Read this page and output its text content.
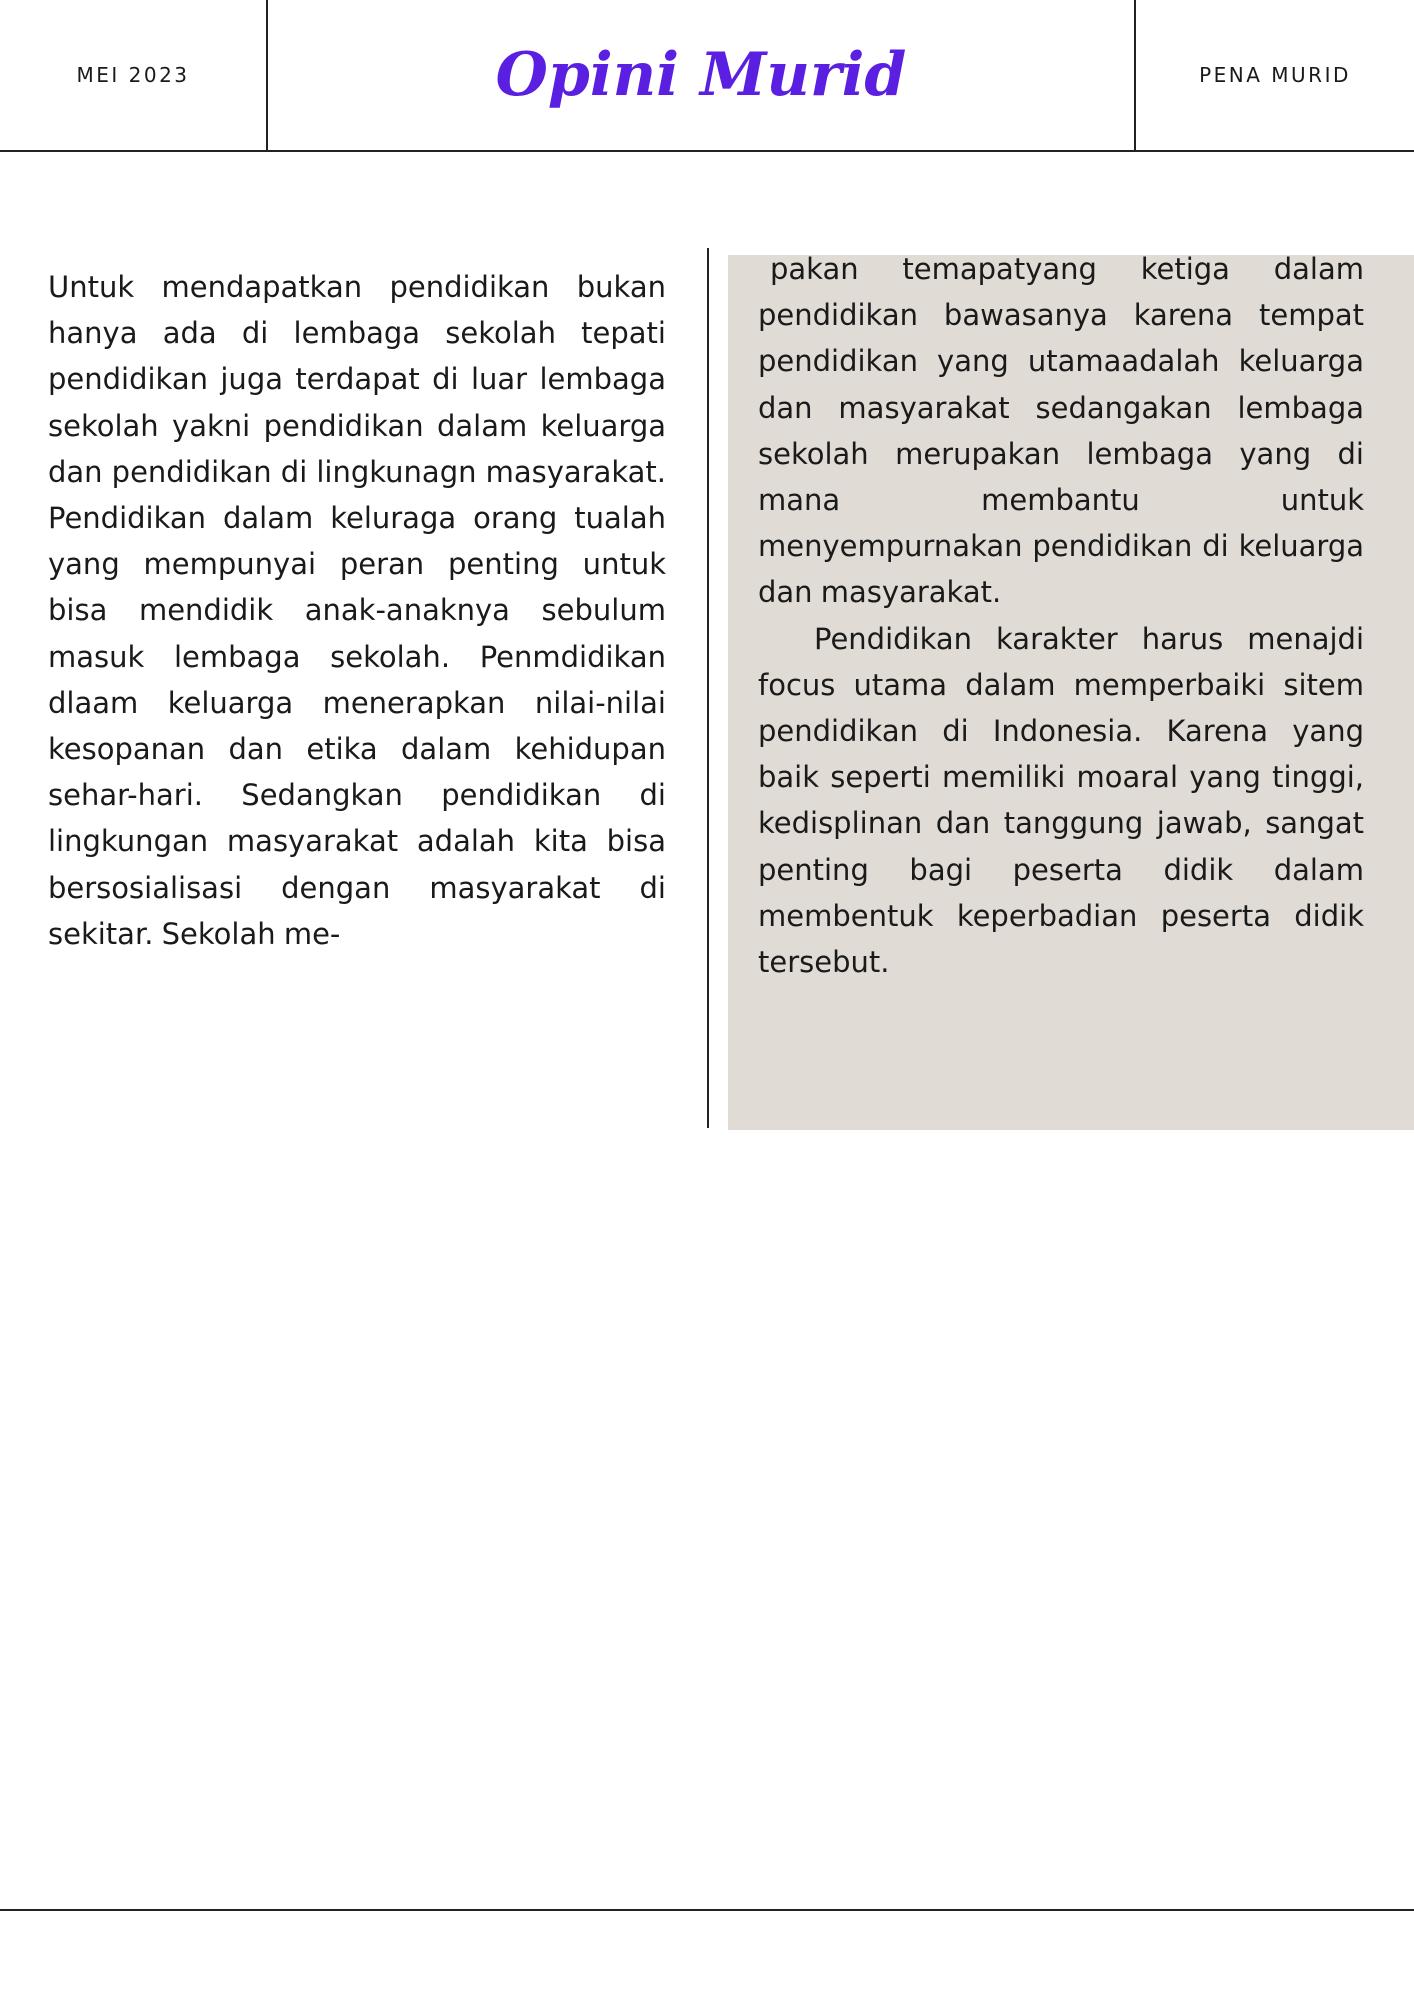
MEI 2023	Opini Murid	PENA MURID

Untuk mendapatkan pendidikan bukan hanya ada di lembaga sekolah tepati pendidikan juga terdapat di luar lembaga sekolah yakni pendidikan dalam keluarga dan pendidikan di lingkunagn masyarakat. Pendidikan dalam keluraga orang tualah yang mempunyai peran penting untuk bisa mendidik anak-anaknya sebulum masuk lembaga sekolah. Penmdidikan dlaam keluarga menerapkan nilai-nilai kesopanan dan etika dalam kehidupan sehar-hari. Sedangkan pendidikan di lingkungan masyarakat adalah kita bisa bersosialisasi dengan masyarakat di sekitar. Sekolah me-

pakan temapatyang ketiga dalam pendidikan bawasanya karena tempat pendidikan yang utamaadalah keluarga dan masyarakat sedangakan lembaga sekolah merupakan lembaga yang di mana membantu untuk menyempurnakan pendidikan di keluarga dan masyarakat.

Pendidikan karakter harus menajdi focus utama dalam memperbaiki sitem pendidikan di Indonesia. Karena yang baik seperti memiliki moaral yang tinggi, kedisplinan dan tanggung jawab, sangat penting bagi peserta didik dalam membentuk keperbadian peserta didik tersebut.
